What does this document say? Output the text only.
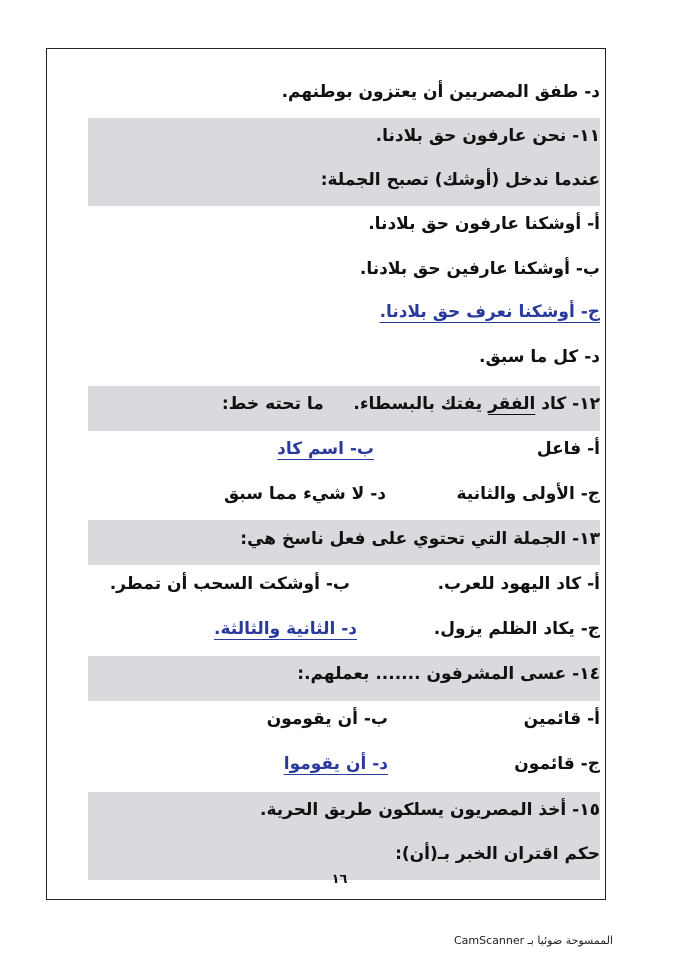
د- طفق المصريين أن يعتزون بوطنهم.
١١- نحن عارفون حق بلادنا.
عندما ندخل (أوشك) تصبح الجملة:
أ- أوشكنا عارفون حق بلادنا.
ب- أوشكنا عارفين حق بلادنا.
ج- أوشكنا نعرف حق بلادنا.
د- كل ما سبق.
١٢- كاد الفقر يفتك بالبسطاء.     ما تحته خط:
أ- فاعل
ب- اسم كاد
ج- الأولى والثانية
د- لا شيء مما سبق
١٣- الجملة التي تحتوي على فعل ناسخ هي:
أ- كاد اليهود للعرب.
ب- أوشكت السحب أن تمطر.
ج- يكاد الظلم يزول.
د- الثانية والثالثة.
١٤- عسى المشرفون ....... بعملهم.:
أ- قائمين
ب- أن يقومون
ج- قائمون
د- أن يقوموا
١٥- أخذ المصريون يسلكون طريق الحرية.
حكم اقتران الخبر بـ(أن):
١٦
الممسوحة ضوئيا بـ CamScanner
